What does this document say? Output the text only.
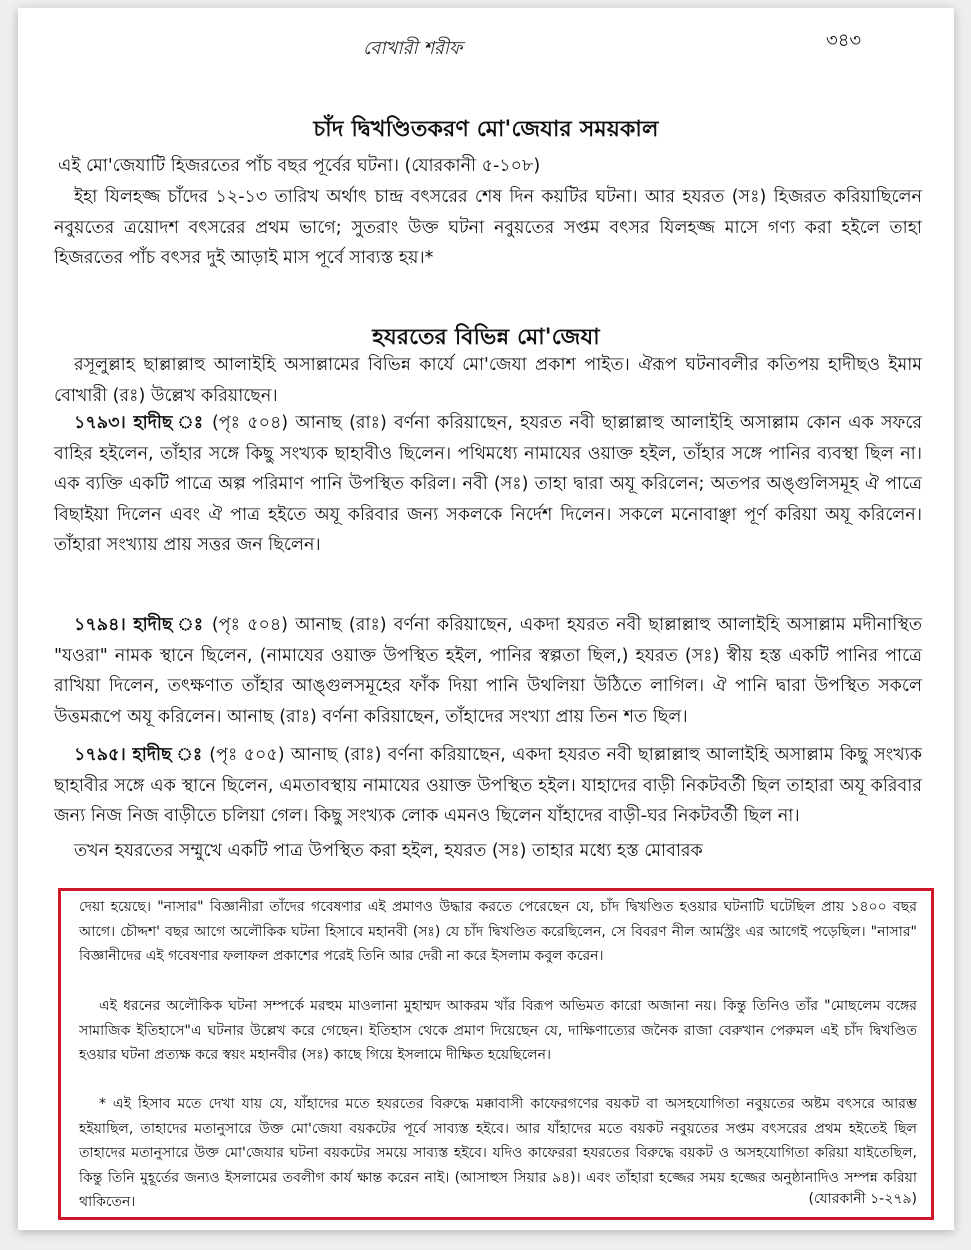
বোখারী শরীফ	৩৪৩
চাঁদ দ্বিখণ্ডিতকরণ মো'জেযার সময়কাল
এই মো'জেযাটি হিজরতের পাঁচ বছর পূর্বের ঘটনা। (যোরকানী ৫-১০৮)
ইহা যিলহজ্জ চাঁদের ১২-১৩ তারিখ অর্থাৎ চান্দ্র বৎসরের শেষ দিন কয়টির ঘটনা। আর হযরত (সঃ) হিজরত করিয়াছিলেন নবুয়তের ত্রয়োদশ বৎসরের প্রথম ভাগে; সুতরাং উক্ত ঘটনা নবুয়তের সপ্তম বৎসর যিলহজ্জ মাসে গণ্য করা হইলে তাহা হিজরতের পাঁচ বৎসর দুই আড়াই মাস পূর্বে সাব্যস্ত হয়।*
হযরতের বিভিন্ন মো'জেযা
রসূলুল্লাহ ছাল্লাল্লাহু আলাইহি অসাল্লামের বিভিন্ন কার্যে মো'জেযা প্রকাশ পাইত। ঐরূপ ঘটনাবলীর কতিপয় হাদীছও ইমাম বোখারী (রঃ) উল্লেখ করিয়াছেন।
১৭৯৩। হাদীছ ঃ (পৃঃ ৫০৪) আনাছ (রাঃ) বর্ণনা করিয়াছেন, হযরত নবী ছাল্লাল্লাহু আলাইহি অসাল্লাম কোন এক সফরে বাহির হইলেন, তাঁহার সঙ্গে কিছু সংখ্যক ছাহাবীও ছিলেন। পথিমধ্যে নামাযের ওয়াক্ত হইল, তাঁহার সঙ্গে পানির ব্যবস্থা ছিল না। এক ব্যক্তি একটি পাত্রে অল্প পরিমাণ পানি উপস্থিত করিল। নবী (সঃ) তাহা দ্বারা অযূ করিলেন; অতপর অঙ্গুলিসমূহ ঐ পাত্রে বিছাইয়া দিলেন এবং ঐ পাত্র হইতে অযূ করিবার জন্য সকলকে নির্দেশ দিলেন। সকলে মনোবাঞ্ছা পূর্ণ করিয়া অযূ করিলেন। তাঁহারা সংখ্যায় প্রায় সত্তর জন ছিলেন।
১৭৯৪। হাদীছ ঃ (পৃঃ ৫০৪) আনাছ (রাঃ) বর্ণনা করিয়াছেন, একদা হযরত নবী ছাল্লাল্লাহু আলাইহি অসাল্লাম মদীনাস্থিত "যওরা" নামক স্থানে ছিলেন, (নামাযের ওয়াক্ত উপস্থিত হইল, পানির স্বল্পতা ছিল,) হযরত (সঃ) স্বীয় হস্ত একটি পানির পাত্রে রাখিয়া দিলেন, তৎক্ষণাত তাঁহার আঙ্গুলসমূহের ফাঁক দিয়া পানি উথলিয়া উঠিতে লাগিল। ঐ পানি দ্বারা উপস্থিত সকলে উত্তমরূপে অযূ করিলেন। আনাছ (রাঃ) বর্ণনা করিয়াছেন, তাঁহাদের সংখ্যা প্রায় তিন শত ছিল।
১৭৯৫। হাদীছ ঃ (পৃঃ ৫০৫) আনাছ (রাঃ) বর্ণনা করিয়াছেন, একদা হযরত নবী ছাল্লাল্লাহু আলাইহি অসাল্লাম কিছু সংখ্যক ছাহাবীর সঙ্গে এক স্থানে ছিলেন, এমতাবস্থায় নামাযের ওয়াক্ত উপস্থিত হইল। যাহাদের বাড়ী নিকটবর্তী ছিল তাহারা অযূ করিবার জন্য নিজ নিজ বাড়ীতে চলিয়া গেল। কিছু সংখ্যক লোক এমনও ছিলেন যাঁহাদের বাড়ী-ঘর নিকটবর্তী ছিল না।
তখন হযরতের সম্মুখে একটি পাত্র উপস্থিত করা হইল, হযরত (সঃ) তাহার মধ্যে হস্ত মোবারক
দেয়া হয়েছে। "নাসার" বিজ্ঞানীরা তাঁদের গবেষণার এই প্রমাণও উদ্ধার করতে পেরেছেন যে, চাঁদ দ্বিখণ্ডিত হওয়ার ঘটনাটি ঘটেছিল প্রায় ১৪০০ বছর আগে। চৌদ্দশ' বছর আগে অলৌকিক ঘটনা হিসাবে মহানবী (সঃ) যে চাঁদ দ্বিখণ্ডিত করেছিলেন, সে বিবরণ নীল আর্মস্ট্রং এর আগেই পড়েছিল। "নাসার" বিজ্ঞানীদের এই গবেষণার ফলাফল প্রকাশের পরেই তিনি আর দেরী না করে ইসলাম কবুল করেন।
এই ধরনের অলৌকিক ঘটনা সম্পর্কে মরহুম মাওলানা মুহাম্মদ আকরম খাঁর বিরূপ অভিমত কারো অজানা নয়। কিন্তু তিনিও তাঁর "মোছলেম বঙ্গের সামাজিক ইতিহাসে"এ ঘটনার উল্লেখ করে গেছেন। ইতিহাস থেকে প্রমাণ দিয়েছেন যে, দাক্ষিণাত্যের জনৈক রাজা বেরুখান পেরুমল এই চাঁদ দ্বিখণ্ডিত হওয়ার ঘটনা প্রত্যক্ষ করে স্বয়ং মহানবীর (সঃ) কাছে গিয়ে ইসলামে দীক্ষিত হয়েছিলেন।
* এই হিসাব মতে দেখা যায় যে, যাঁহাদের মতে হযরতের বিরুদ্ধে মক্কাবাসী কাফেরগণের বয়কট বা অসহযোগিতা নবুয়তের অষ্টম বৎসরে আরম্ভ হইয়াছিল, তাহাদের মতানুসারে উক্ত মো'জেযা বয়কটের পূর্বে সাব্যস্ত হইবে। আর যাঁহাদের মতে বয়কট নবুয়তের সপ্তম বৎসরের প্রথম হইতেই ছিল তাহাদের মতানুসারে উক্ত মো'জেযার ঘটনা বয়কটের সময়ে সাব্যস্ত হইবে। যদিও কাফেররা হযরতের বিরুদ্ধে বয়কট ও অসহযোগিতা করিয়া যাইতেছিল, কিন্তু তিনি মুহূর্তের জন্যও ইসলামের তবলীগ কার্য ক্ষান্ত করেন নাই। (আসাহুস সিয়ার ৯৪)। এবং তাঁহারা হজ্জের সময় হজ্জের অনুষ্ঠানাদিও সম্পন্ন করিয়া থাকিতেন।	(যোরকানী ১-২৭৯)
